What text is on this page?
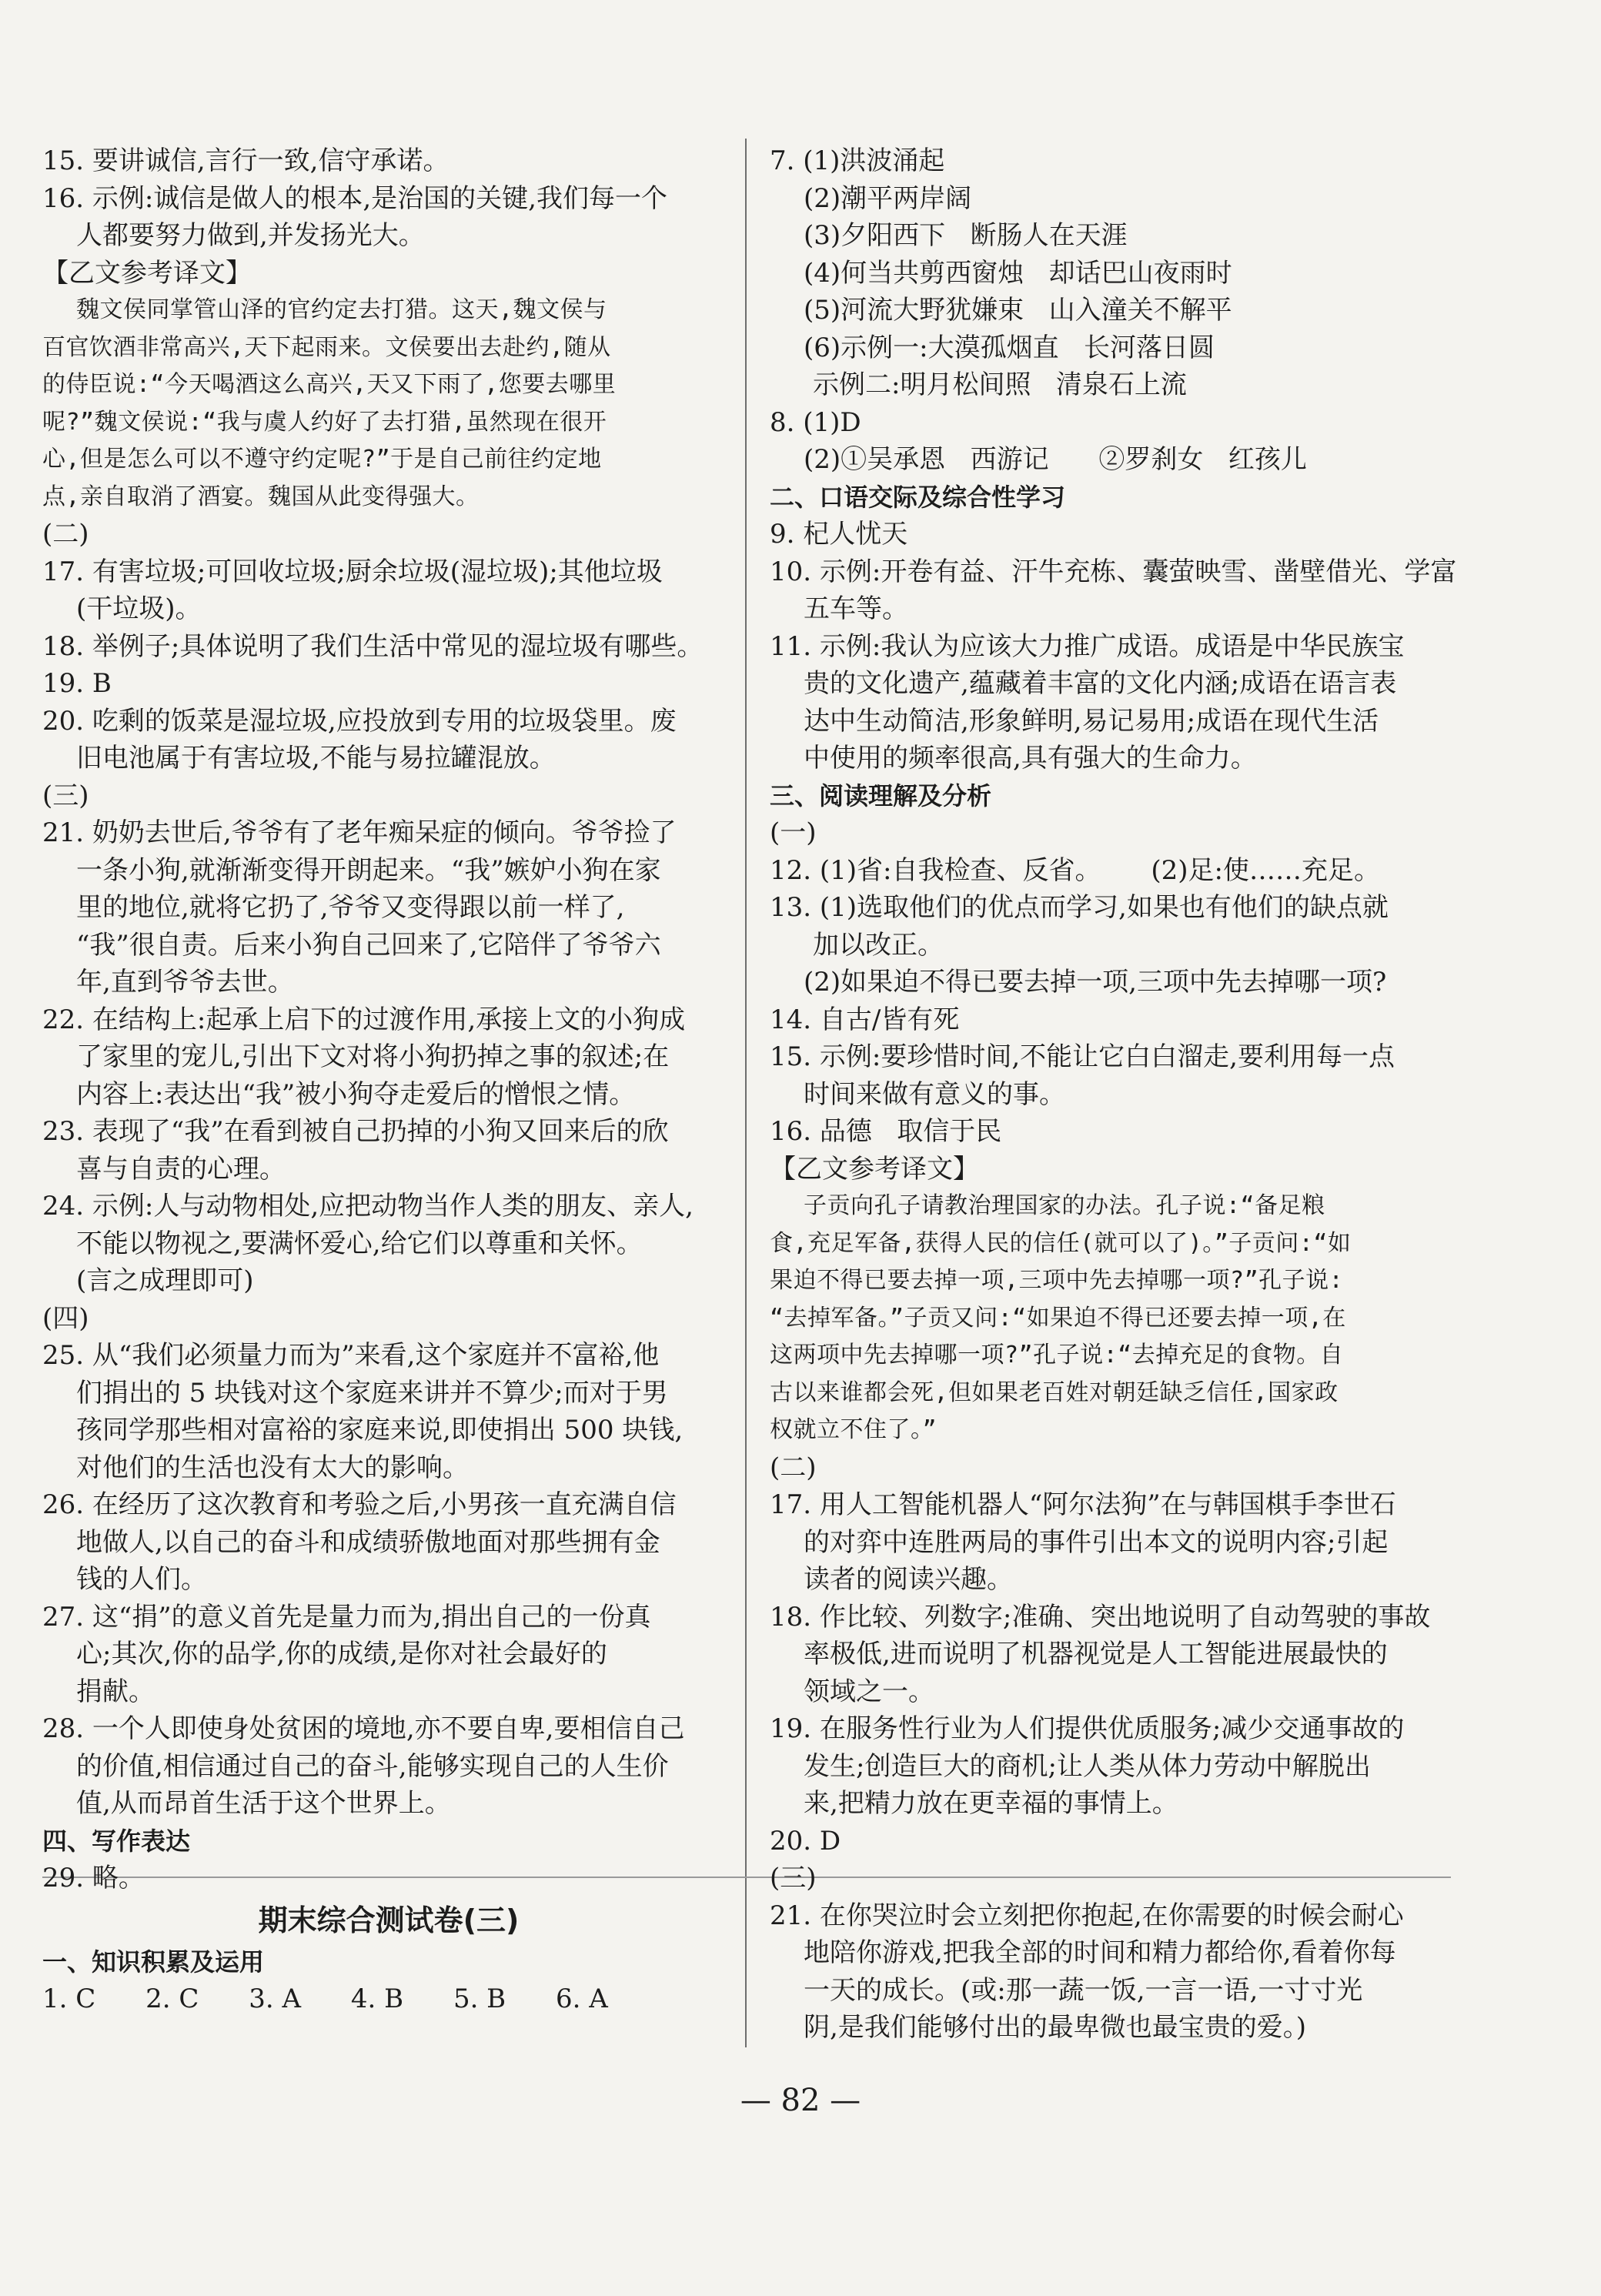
15. 要讲诚信,言行一致,信守承诺。
16. 示例:诚信是做人的根本,是治国的关键,我们每一个
人都要努力做到,并发扬光大。
【乙文参考译文】
魏文侯同掌管山泽的官约定去打猎。这天,魏文侯与
百官饮酒非常高兴,天下起雨来。文侯要出去赴约,随从
的侍臣说:“今天喝酒这么高兴,天又下雨了,您要去哪里
呢?”魏文侯说:“我与虞人约好了去打猎,虽然现在很开
心,但是怎么可以不遵守约定呢?”于是自己前往约定地
点,亲自取消了酒宴。魏国从此变得强大。
(二)
17. 有害垃圾;可回收垃圾;厨余垃圾(湿垃圾);其他垃圾
(干垃圾)。
18. 举例子;具体说明了我们生活中常见的湿垃圾有哪些。
19. B
20. 吃剩的饭菜是湿垃圾,应投放到专用的垃圾袋里。废
旧电池属于有害垃圾,不能与易拉罐混放。
(三)
21. 奶奶去世后,爷爷有了老年痴呆症的倾向。爷爷捡了
一条小狗,就渐渐变得开朗起来。“我”嫉妒小狗在家
里的地位,就将它扔了,爷爷又变得跟以前一样了,
“我”很自责。后来小狗自己回来了,它陪伴了爷爷六
年,直到爷爷去世。
22. 在结构上:起承上启下的过渡作用,承接上文的小狗成
了家里的宠儿,引出下文对将小狗扔掉之事的叙述;在
内容上:表达出“我”被小狗夺走爱后的憎恨之情。
23. 表现了“我”在看到被自己扔掉的小狗又回来后的欣
喜与自责的心理。
24. 示例:人与动物相处,应把动物当作人类的朋友、亲人,
不能以物视之,要满怀爱心,给它们以尊重和关怀。
(言之成理即可)
(四)
25. 从“我们必须量力而为”来看,这个家庭并不富裕,他
们捐出的 5 块钱对这个家庭来讲并不算少;而对于男
孩同学那些相对富裕的家庭来说,即使捐出 500 块钱,
对他们的生活也没有太大的影响。
26. 在经历了这次教育和考验之后,小男孩一直充满自信
地做人,以自己的奋斗和成绩骄傲地面对那些拥有金
钱的人们。
27. 这“捐”的意义首先是量力而为,捐出自己的一份真
心;其次,你的品学,你的成绩,是你对社会最好的
捐献。
28. 一个人即使身处贫困的境地,亦不要自卑,要相信自己
的价值,相信通过自己的奋斗,能够实现自己的人生价
值,从而昂首生活于这个世界上。
四、写作表达
29. 略。
期末综合测试卷(三)
一、知识积累及运用
1. C      2. C      3. A      4. B      5. B      6. A
7. (1)洪波涌起
(2)潮平两岸阔
(3)夕阳西下   断肠人在天涯
(4)何当共剪西窗烛   却话巴山夜雨时
(5)河流大野犹嫌束   山入潼关不解平
(6)示例一:大漠孤烟直   长河落日圆
示例二:明月松间照   清泉石上流
8. (1)D
(2)①吴承恩   西游记      ②罗刹女   红孩儿
二、口语交际及综合性学习
9. 杞人忧天
10. 示例:开卷有益、汗牛充栋、囊萤映雪、凿壁借光、学富
五车等。
11. 示例:我认为应该大力推广成语。成语是中华民族宝
贵的文化遗产,蕴藏着丰富的文化内涵;成语在语言表
达中生动简洁,形象鲜明,易记易用;成语在现代生活
中使用的频率很高,具有强大的生命力。
三、阅读理解及分析
(一)
12. (1)省:自我检查、反省。      (2)足:使……充足。
13. (1)选取他们的优点而学习,如果也有他们的缺点就
加以改正。
(2)如果迫不得已要去掉一项,三项中先去掉哪一项?
14. 自古/皆有死
15. 示例:要珍惜时间,不能让它白白溜走,要利用每一点
时间来做有意义的事。
16. 品德   取信于民
【乙文参考译文】
子贡向孔子请教治理国家的办法。孔子说:“备足粮
食,充足军备,获得人民的信任(就可以了)。”子贡问:“如
果迫不得已要去掉一项,三项中先去掉哪一项?”孔子说:
“去掉军备。”子贡又问:“如果迫不得已还要去掉一项,在
这两项中先去掉哪一项?”孔子说:“去掉充足的食物。自
古以来谁都会死,但如果老百姓对朝廷缺乏信任,国家政
权就立不住了。”
(二)
17. 用人工智能机器人“阿尔法狗”在与韩国棋手李世石
的对弈中连胜两局的事件引出本文的说明内容;引起
读者的阅读兴趣。
18. 作比较、列数字;准确、突出地说明了自动驾驶的事故
率极低,进而说明了机器视觉是人工智能进展最快的
领域之一。
19. 在服务性行业为人们提供优质服务;减少交通事故的
发生;创造巨大的商机;让人类从体力劳动中解脱出
来,把精力放在更幸福的事情上。
20. D
(三)
21. 在你哭泣时会立刻把你抱起,在你需要的时候会耐心
地陪你游戏,把我全部的时间和精力都给你,看着你每
一天的成长。(或:那一蔬一饭,一言一语,一寸寸光
阴,是我们能够付出的最卑微也最宝贵的爱。)
— 82 —
